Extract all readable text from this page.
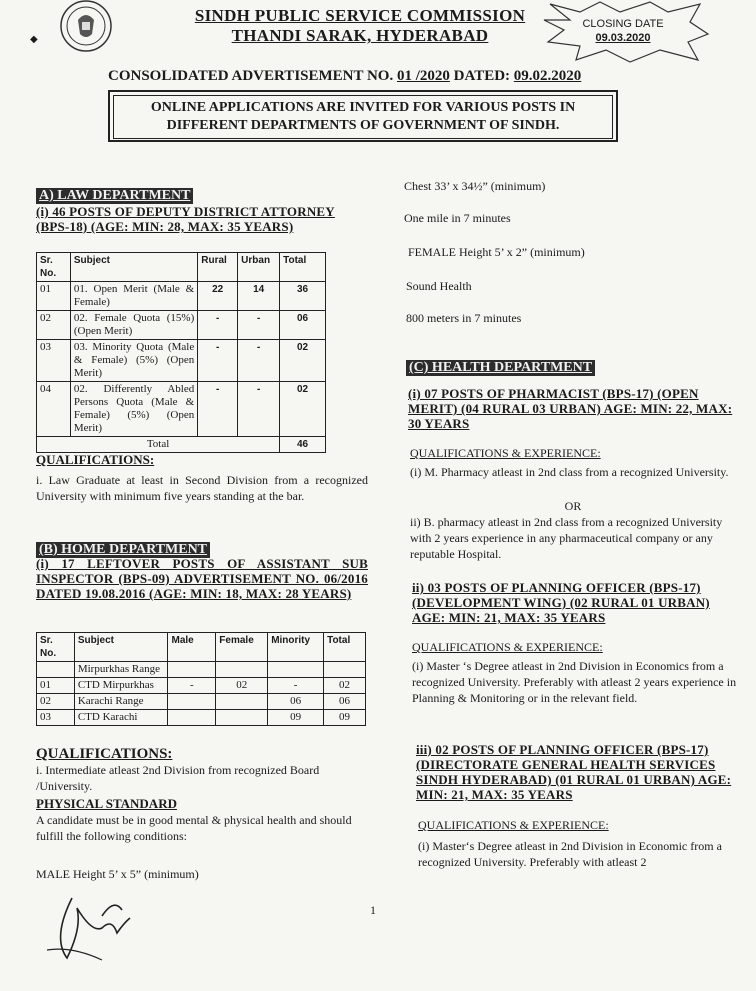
◆
SINDH PUBLIC SERVICE COMMISSION
THANDI SARAK, HYDERABAD
CLOSING DATE
09.03.2020
CONSOLIDATED ADVERTISEMENT NO. 01 /2020 DATED: 09.02.2020
ONLINE APPLICATIONS ARE INVITED FOR VARIOUS POSTS IN
DIFFERENT DEPARTMENTS OF GOVERNMENT OF SINDH.
A) LAW DEPARTMENT
(i) 46 POSTS OF DEPUTY DISTRICT ATTORNEY
(BPS-18) (AGE: MIN: 28, MAX: 35 YEARS)
Sr. No.	Subject	Rural	Urban	Total
01	01. Open Merit (Male & Female)	22	14	36
02	02. Female Quota (15%) (Open Merit)	-	-	06
03	03. Minority Quota (Male & Female) (5%) (Open Merit)	-	-	02
04	02. Differently Abled Persons Quota (Male & Female) (5%) (Open Merit)	-	-	02
Total				46
QUALIFICATIONS:
i. Law Graduate at least in Second Division from a recognized University with minimum five years standing at the bar.
(B) HOME DEPARTMENT
(i) 17 LEFTOVER POSTS OF ASSISTANT SUB INSPECTOR (BPS-09) ADVERTISEMENT NO. 06/2016 DATED 19.08.2016 (AGE: MIN: 18, MAX: 28 YEARS)
Sr. No.	Subject	Male	Female	Minority	Total
	Mirpurkhas Range				
01	CTD Mirpurkhas	-	02	-	02
02	Karachi Range			06	06
03	CTD Karachi			09	09
QUALIFICATIONS:
i. Intermediate atleast 2nd Division from recognized Board /University.
PHYSICAL STANDARD
A candidate must be in good mental & physical health and should fulfill the following conditions:
MALE Height 5’ x 5” (minimum)
1
Chest 33’ x 34½” (minimum)
One mile in 7 minutes
FEMALE Height 5’ x 2” (minimum)
Sound Health
800 meters in 7 minutes
(C) HEALTH DEPARTMENT
(i) 07 POSTS OF PHARMACIST (BPS-17) (OPEN MERIT) (04 RURAL 03 URBAN) AGE: MIN: 22, MAX: 30 YEARS
QUALIFICATIONS & EXPERIENCE:
(i) M. Pharmacy atleast in 2nd class from a recognized University.
OR
ii) B. pharmacy atleast in 2nd class from a recognized University with 2 years experience in any pharmaceutical company or any reputable Hospital.
ii) 03 POSTS OF PLANNING OFFICER (BPS-17)(DEVELOPMENT WING) (02 RURAL 01 URBAN) AGE: MIN: 21, MAX: 35 YEARS
QUALIFICATIONS & EXPERIENCE:
(i) Master ‘s Degree atleast in 2nd Division in Economics from a recognized University. Preferably with atleast 2 years experience in Planning & Monitoring or in the relevant field.
iii) 02 POSTS OF PLANNING OFFICER (BPS-17) (DIRECTORATE GENERAL HEALTH SERVICES SINDH HYDERABAD) (01 RURAL 01 URBAN) AGE: MIN: 21, MAX: 35 YEARS
QUALIFICATIONS & EXPERIENCE:
(i) Master‘s Degree atleast in 2nd Division in Economic from a recognized University. Preferably with atleast 2
